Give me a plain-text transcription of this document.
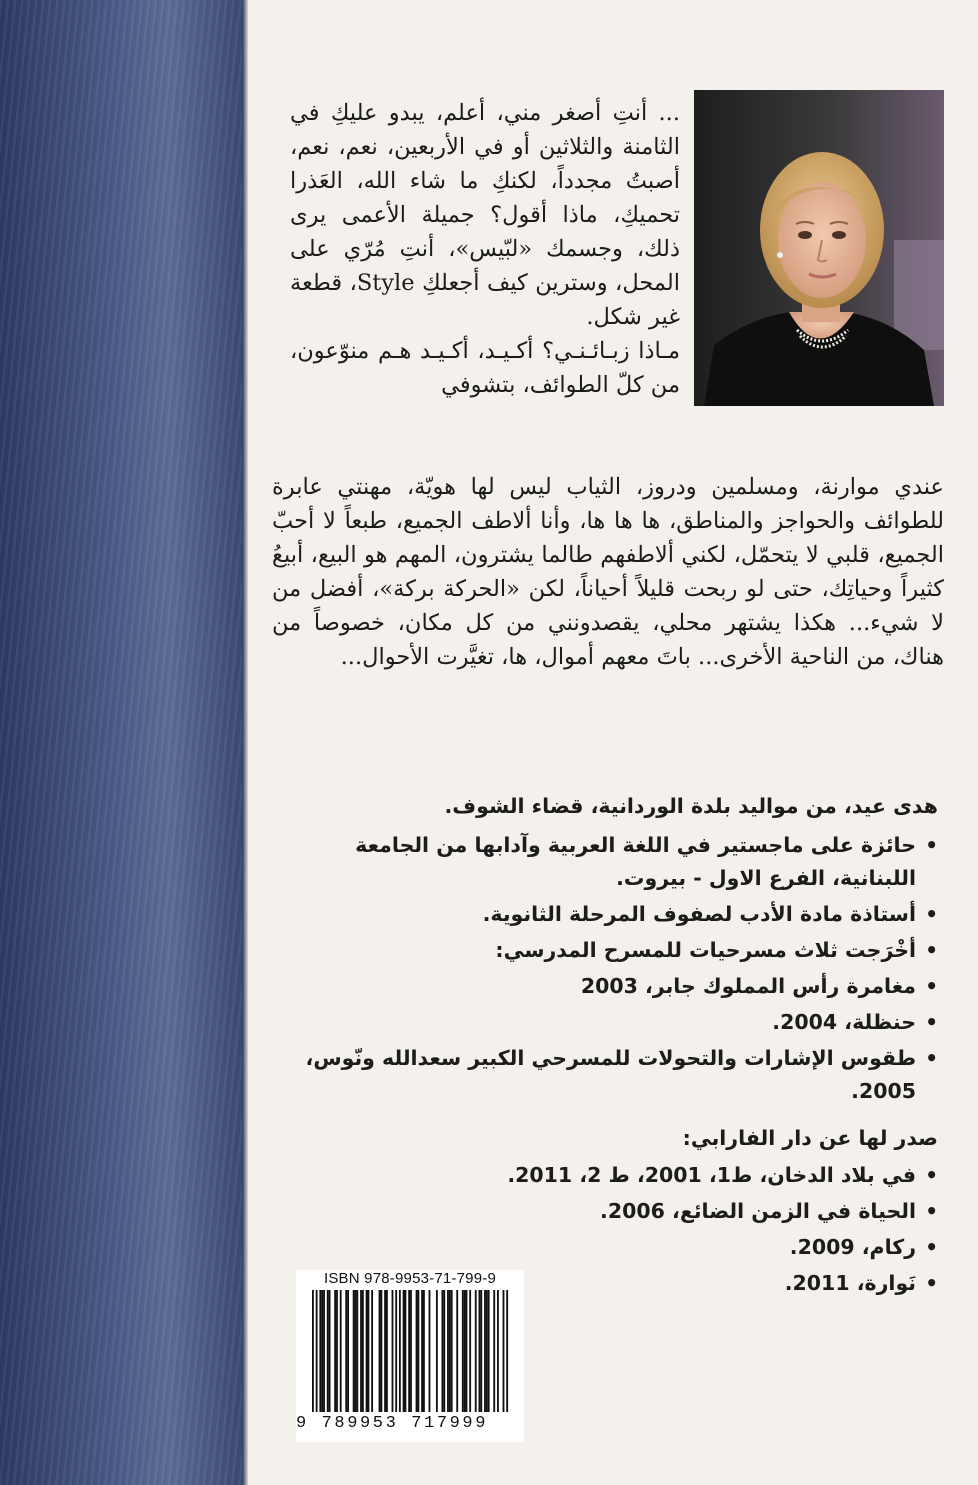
... أنتِ أصغر مني، أعلم، يبدو عليكِ في الثامنة والثلاثين أو في الأربعين، نعم، نعم، أصبتُ مجدداً، لكنكِ ما شاء الله، العَذرا تحميكِ، ماذا أقول؟ جميلة الأعمى يرى ذلك، وجسمك «لبّيس»، أنتِ مُرّي على المحل، وسترين كيف أجعلكِ Style، قطعة غير شكل.

مـاذا زبـائـنـي؟ أكـيـد، أكـيـد هـم منوّعون، من كلّ الطوائف، بتشوفي

عندي موارنة، ومسلمين ودروز، الثياب ليس لها هويّة، مهنتي عابرة للطوائف والحواجز والمناطق، ها ها ها، وأنا ألاطف الجميع، طبعاً لا أحبّ الجميع، قلبي لا يتحمّل، لكني ألاطفهم طالما يشترون، المهم هو البيع، أبيعُ كثيراً وحياتِك، حتى لو ربحت قليلاً أحياناً، لكن «الحركة بركة»، أفضل من لا شيء... هكذا يشتهر محلي، يقصدونني من كل مكان، خصوصاً من هناك، من الناحية الأخرى... باتَ معهم أموال، ها، تغيَّرت الأحوال...

هدى عيد، من مواليد بلدة الوردانية، قضاء الشوف.

• حائزة على ماجستير في اللغة العربية وآدابها من الجامعة اللبنانية، الفرع الاول - بيروت.
• أستاذة مادة الأدب لصفوف المرحلة الثانوية.
• أخْرَجت ثلاث مسرحيات للمسرح المدرسي:
• مغامرة رأس المملوك جابر، 2003
• حنظلة، 2004.
• طقوس الإشارات والتحولات للمسرحي الكبير سعدالله ونّوس، 2005.

صدر لها عن دار الفارابي:

• في بلاد الدخان، ط1، 2001، ط 2، 2011.
• الحياة في الزمن الضائع، 2006.
• ركام، 2009.
• نَوارة، 2011.
ISBN 978-9953-71-799-9
9 789953 717999
